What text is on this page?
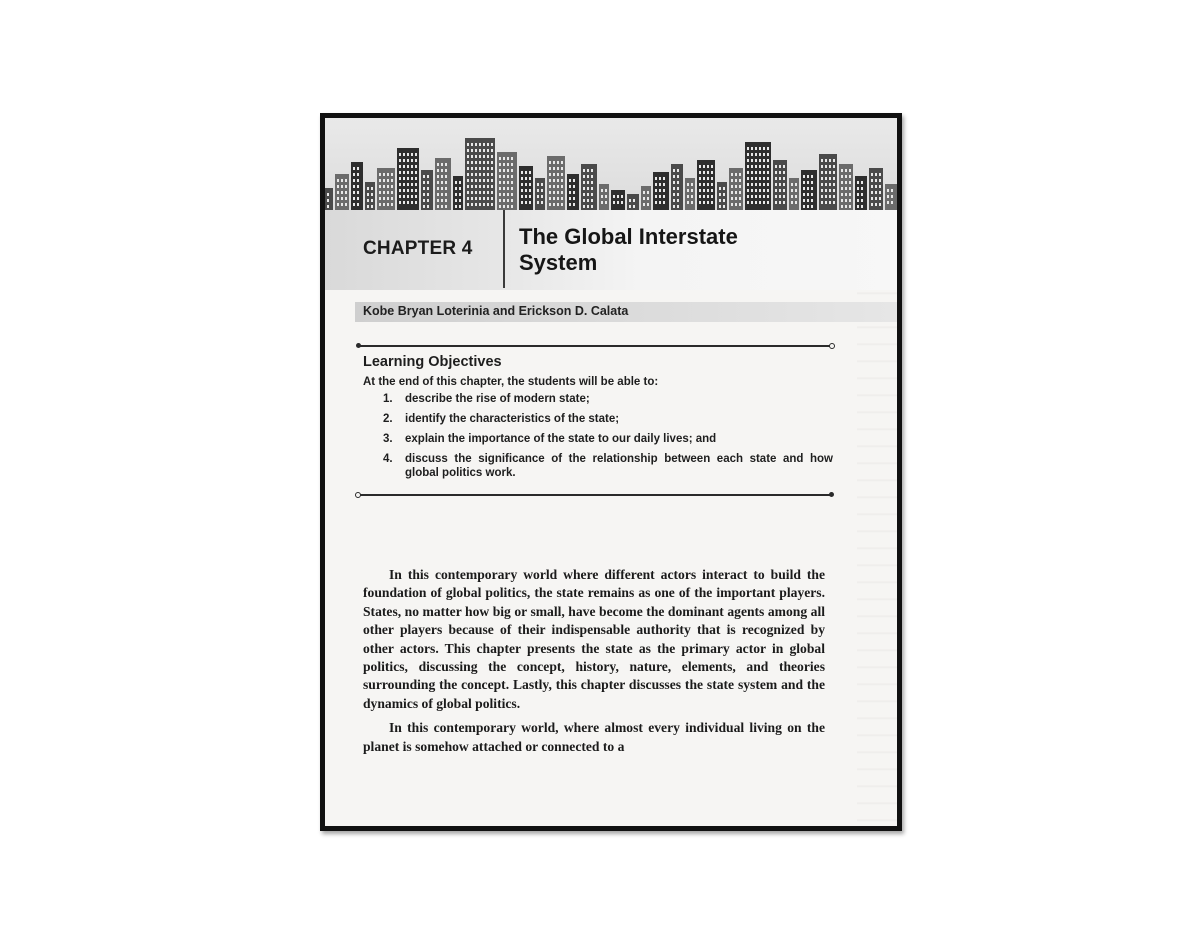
CHAPTER 4 The Global Interstate System
Kobe Bryan Loterinia and Erickson D. Calata
Learning Objectives
At the end of this chapter, the students will be able to:
1. describe the rise of modern state;
2. identify the characteristics of the state;
3. explain the importance of the state to our daily lives; and
4. discuss the significance of the relationship between each state and how global politics work.

In this contemporary world where different actors interact to build the foundation of global politics, the state remains as one of the important players. States, no matter how big or small, have become the dominant agents among all other players because of their indispensable authority that is recognized by other actors. This chapter presents the state as the primary actor in global politics, discussing the concept, history, nature, elements, and theories surrounding the concept. Lastly, this chapter discusses the state system and the dynamics of global politics.

In this contemporary world, where almost every individual living on the planet is somehow attached or connected to a
